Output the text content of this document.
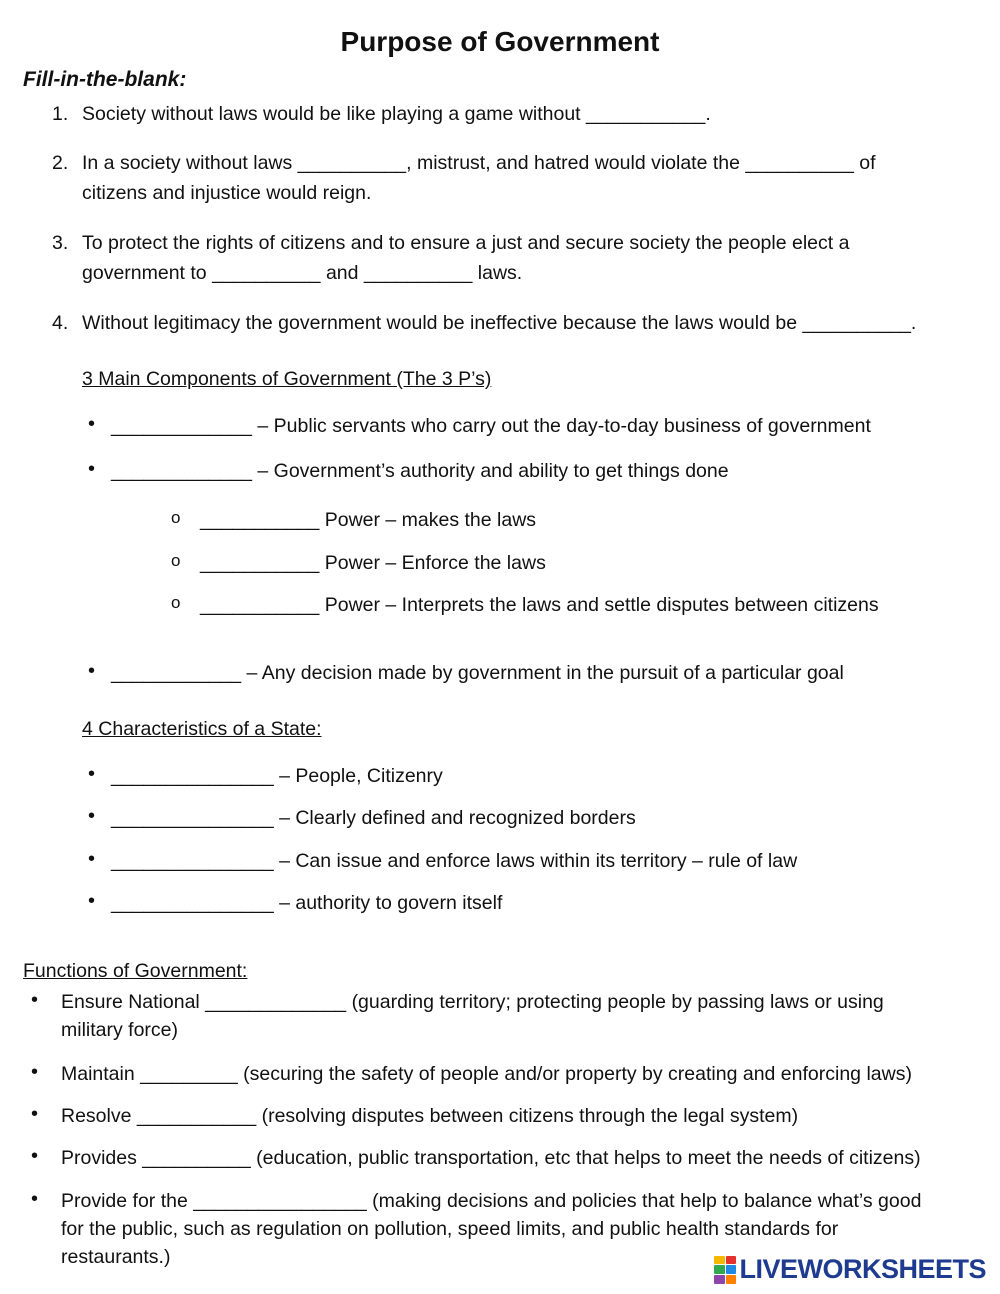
Purpose of Government
Fill-in-the-blank:
1. Society without laws would be like playing a game without ___________.
2. In a society without laws __________, mistrust, and hatred would violate the __________ of
citizens and injustice would reign.
3. To protect the rights of citizens and to ensure a just and secure society the people elect a
government to __________ and __________ laws.
4. Without legitimacy the government would be ineffective because the laws would be __________.
3 Main Components of Government (The 3 P’s)
• _____________ – Public servants who carry out the day-to-day business of government
• _____________ – Government’s authority and ability to get things done
o ___________ Power – makes the laws
o ___________ Power – Enforce the laws
o ___________ Power – Interprets the laws and settle disputes between citizens
• ____________ – Any decision made by government in the pursuit of a particular goal
4 Characteristics of a State:
• _______________ – People, Citizenry
• _______________ – Clearly defined and recognized borders
• _______________ – Can issue and enforce laws within its territory – rule of law
• _______________ – authority to govern itself
Functions of Government:
• Ensure National _____________ (guarding territory; protecting people by passing laws or using
military force)
• Maintain _________ (securing the safety of people and/or property by creating and enforcing laws)
• Resolve ___________ (resolving disputes between citizens through the legal system)
• Provides __________ (education, public transportation, etc that helps to meet the needs of citizens)
• Provide for the ________________ (making decisions and policies that help to balance what’s good
for the public, such as regulation on pollution, speed limits, and public health standards for
restaurants.)	LIVEWORKSHEETS
